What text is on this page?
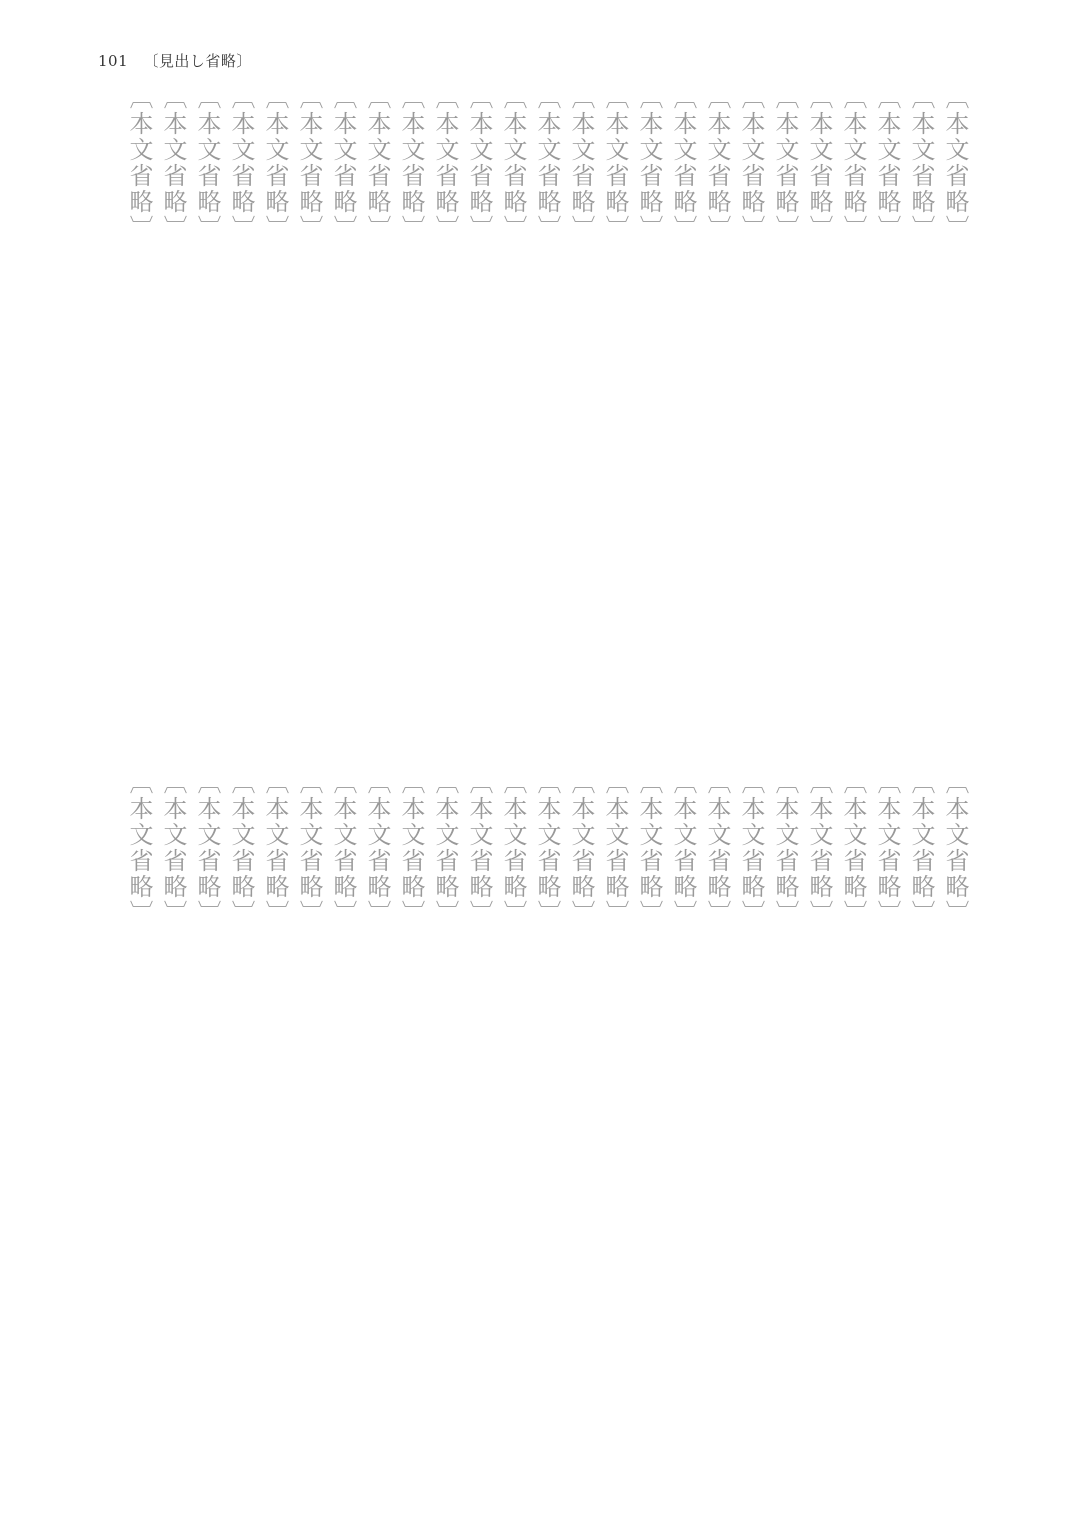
101 〔見出し省略〕
〔本文省略〕
〔本文省略〕
〔本文省略〕
〔本文省略〕
〔本文省略〕
〔本文省略〕
〔本文省略〕
〔本文省略〕
〔本文省略〕
〔本文省略〕
〔本文省略〕
〔本文省略〕
〔本文省略〕
〔本文省略〕
〔本文省略〕
〔本文省略〕
〔本文省略〕
〔本文省略〕
〔本文省略〕
〔本文省略〕
〔本文省略〕
〔本文省略〕
〔本文省略〕
〔本文省略〕
〔本文省略〕
〔本文省略〕
〔本文省略〕
〔本文省略〕
〔本文省略〕
〔本文省略〕
〔本文省略〕
〔本文省略〕
〔本文省略〕
〔本文省略〕
〔本文省略〕
〔本文省略〕
〔本文省略〕
〔本文省略〕
〔本文省略〕
〔本文省略〕
〔本文省略〕
〔本文省略〕
〔本文省略〕
〔本文省略〕
〔本文省略〕
〔本文省略〕
〔本文省略〕
〔本文省略〕
〔本文省略〕
〔本文省略〕
